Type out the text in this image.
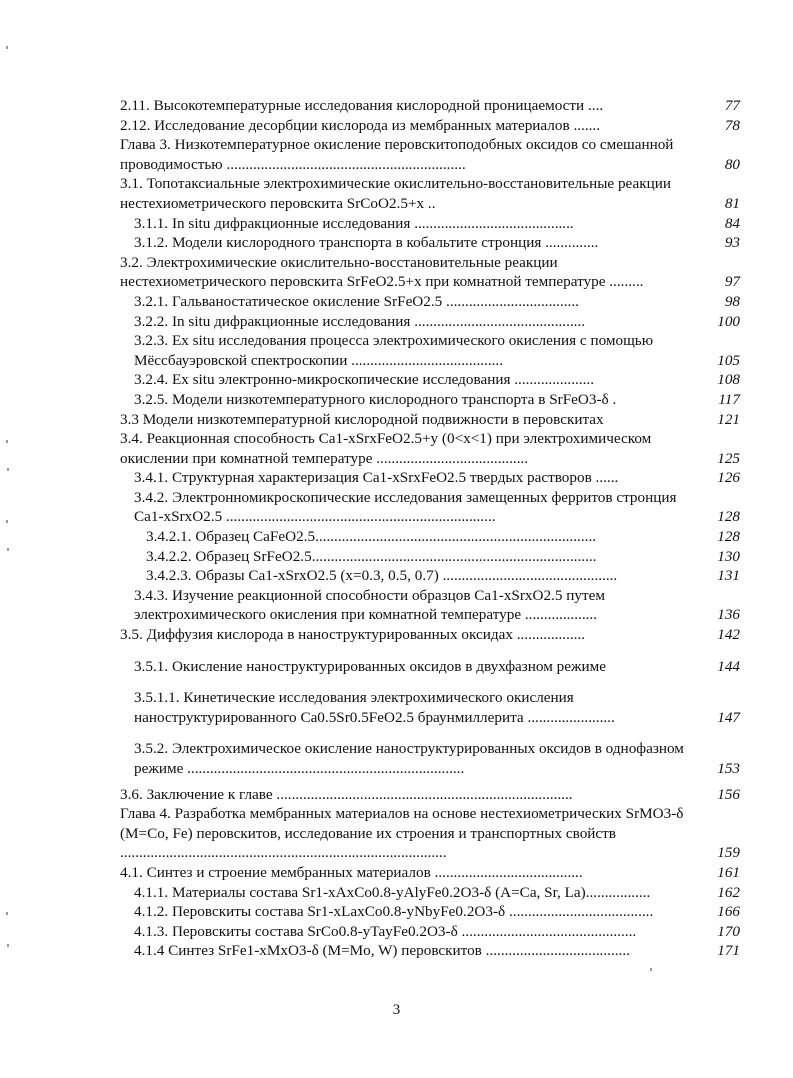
2.11. Высокотемпературные исследования кислородной проницаемости ....	77
2.12. Исследование десорбции кислорода из мембранных материалов .......	78
Глава 3. Низкотемпературное окисление перовскитоподобных оксидов со смешанной проводимостью ...............................................................	80
3.1. Топотаксиальные электрохимические окислительно-восстановительные реакции нестехиометрического перовскита SrCoO2.5+x ..	81
3.1.1. In situ дифракционные исследования ..........................................	84
3.1.2. Модели кислородного транспорта в кобальтите стронция ..............	93
3.2. Электрохимические окислительно-восстановительные реакции нестехиометрического перовскита SrFeO2.5+x при комнатной температуре .........	97
3.2.1. Гальваностатическое окисление SrFeO2.5 ...................................	98
3.2.2. In situ дифракционные исследования .............................................	100
3.2.3. Ex situ исследования процесса электрохимического окисления с помощью Мёссбауэровской спектроскопии ........................................	105
3.2.4. Ex situ электронно-микроскопические исследования .....................	108
3.2.5. Модели низкотемпературного кислородного транспорта в SrFeO3-δ .	117
3.3 Модели низкотемпературной кислородной подвижности в перовскитах	121
3.4. Реакционная способность Ca1-xSrxFeO2.5+y (0<x<1) при электрохимическом окислении при комнатной температуре ........................................	125
3.4.1. Структурная характеризация Ca1-xSrxFeO2.5 твердых растворов ......	126
3.4.2. Электронномикроскопические исследования замещенных ферритов стронция Ca1-xSrxO2.5 .......................................................................	128
3.4.2.1. Образец CaFeO2.5..........................................................................	128
3.4.2.2. Образец SrFeO2.5...........................................................................	130
3.4.2.3. Образы Ca1-xSrxO2.5 (x=0.3, 0.5, 0.7) ..............................................	131
3.4.3. Изучение реакционной способности образцов Ca1-xSrxO2.5 путем электрохимического окисления при комнатной температуре ...................	136
3.5. Диффузия кислорода в наноструктурированных оксидах ..................	142
3.5.1. Окисление наноструктурированных оксидов в двухфазном режиме	144
3.5.1.1. Кинетические исследования электрохимического окисления наноструктурированного Ca0.5Sr0.5FeO2.5 браунмиллерита .......................	147
3.5.2. Электрохимическое окисление наноструктурированных оксидов в однофазном режиме .........................................................................	153
3.6. Заключение к главе ..............................................................................	156
Глава 4. Разработка мембранных материалов на основе нестехиометрических SrMO3-δ (M=Co, Fe) перовскитов, исследование их строения и транспортных свойств ......................................................................................	159
4.1. Синтез и строение мембранных материалов .......................................	161
4.1.1. Материалы состава Sr1-xAxCo0.8-yAlyFe0.2O3-δ (A=Ca, Sr, La).................	162
4.1.2. Перовскиты состава Sr1-xLaxCo0.8-yNbyFe0.2O3-δ ......................................	166
4.1.3. Перовскиты состава SrCo0.8-yTayFe0.2O3-δ ..............................................	170
4.1.4 Синтез SrFe1-xMxO3-δ (M=Mo, W) перовскитов ......................................	171
3
